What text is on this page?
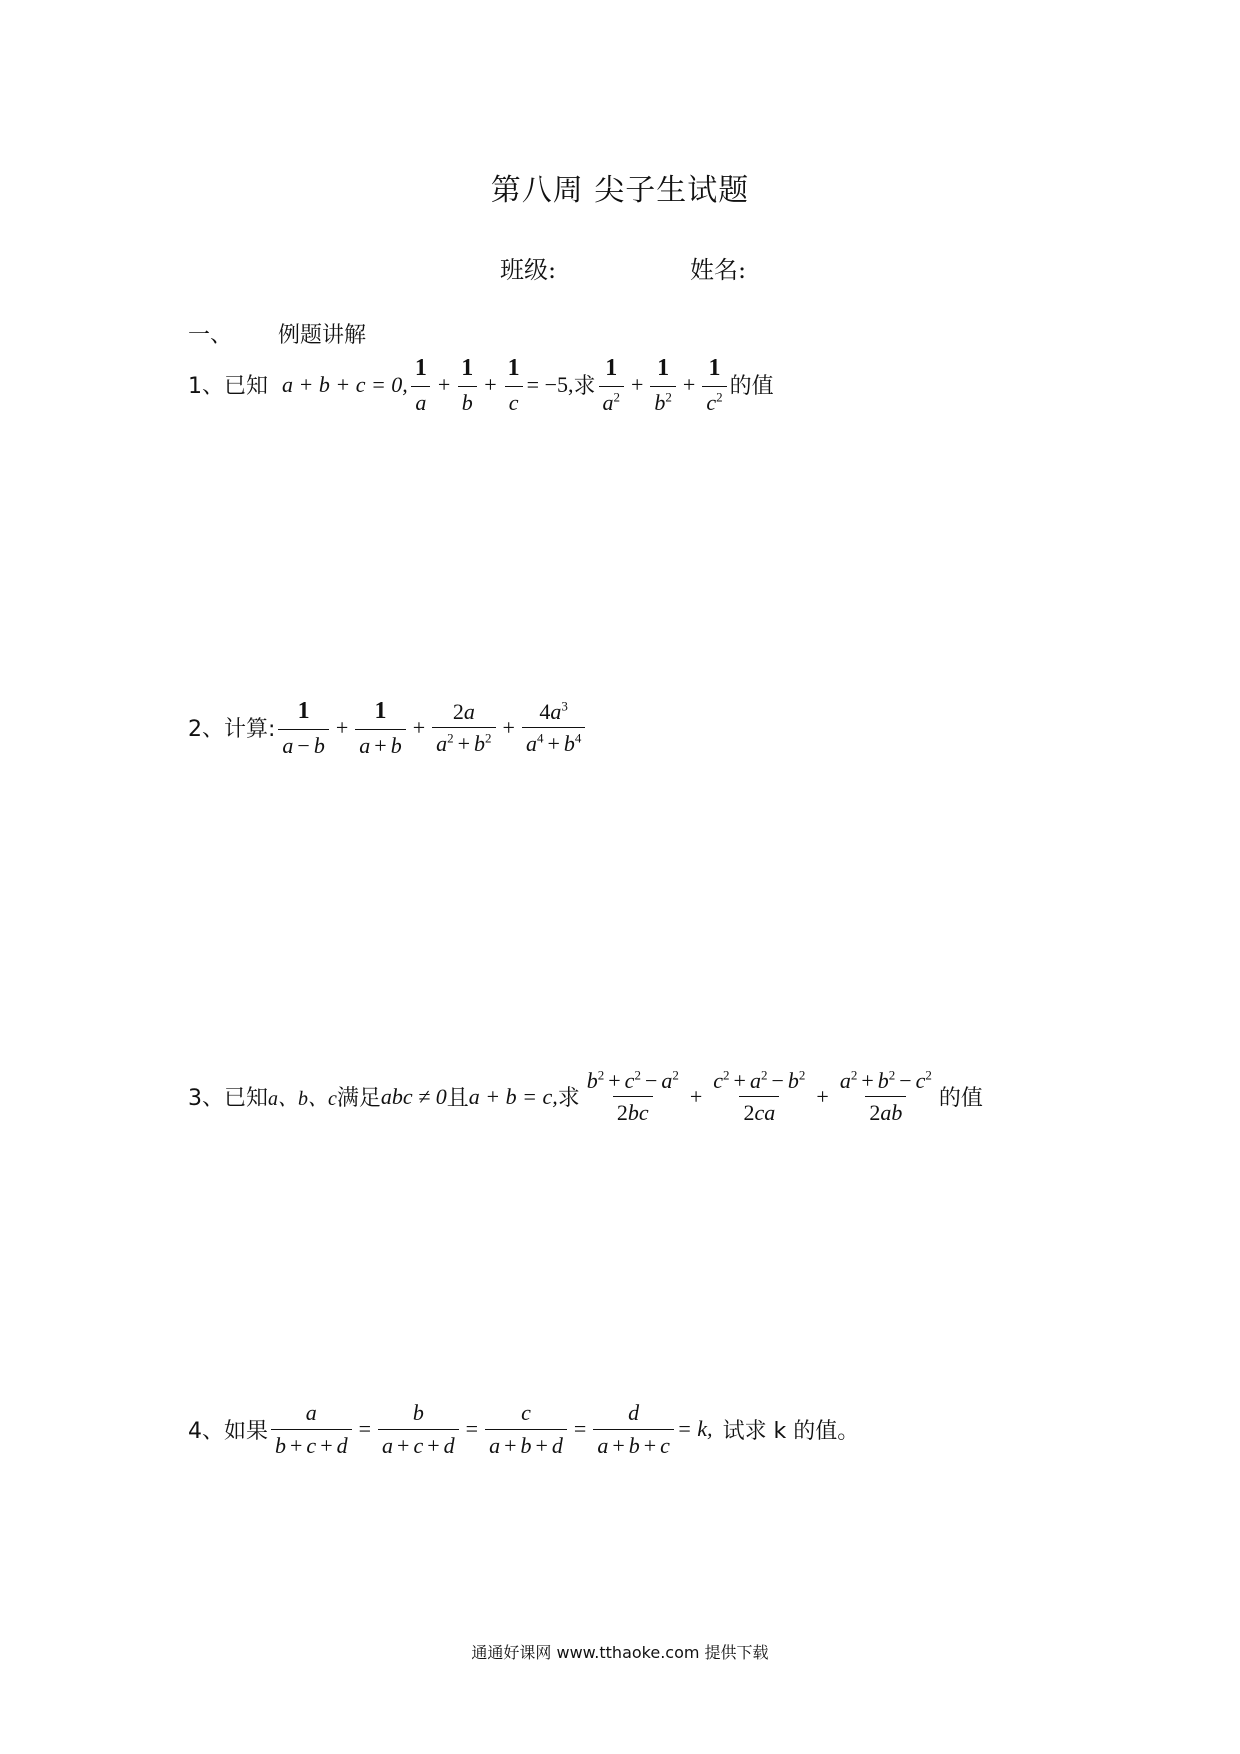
第八周 尖子生试题
班级:	姓名:
一、 例题讲解
1、已知 a + b + c = 0, $\frac{1}{a} + \frac{1}{b} + \frac{1}{c} = -5$, 求 $\frac{1}{a^2} + \frac{1}{b^2} + \frac{1}{c^2}$ 的值
2、计算: $\frac{1}{a - b} + \frac{1}{a + b} + \frac{2a}{a^2 + b^2} + \frac{4a^3}{a^4 + b^4}$
3、已知 a、b、c 满足 abc ≠ 0 且 a + b = c, 求 $\frac{b^2 + c^2 - a^2}{2bc} + \frac{c^2 + a^2 - b^2}{2ca} + \frac{a^2 + b^2 - c^2}{2ab}$ 的值
4、如果 $\frac{a}{b + c + d} = \frac{b}{a + c + d} = \frac{c}{a + b + d} = \frac{d}{a + b + c} = k$, 试求 k 的值。
通通好课网 www.tthaoke.com 提供下载
